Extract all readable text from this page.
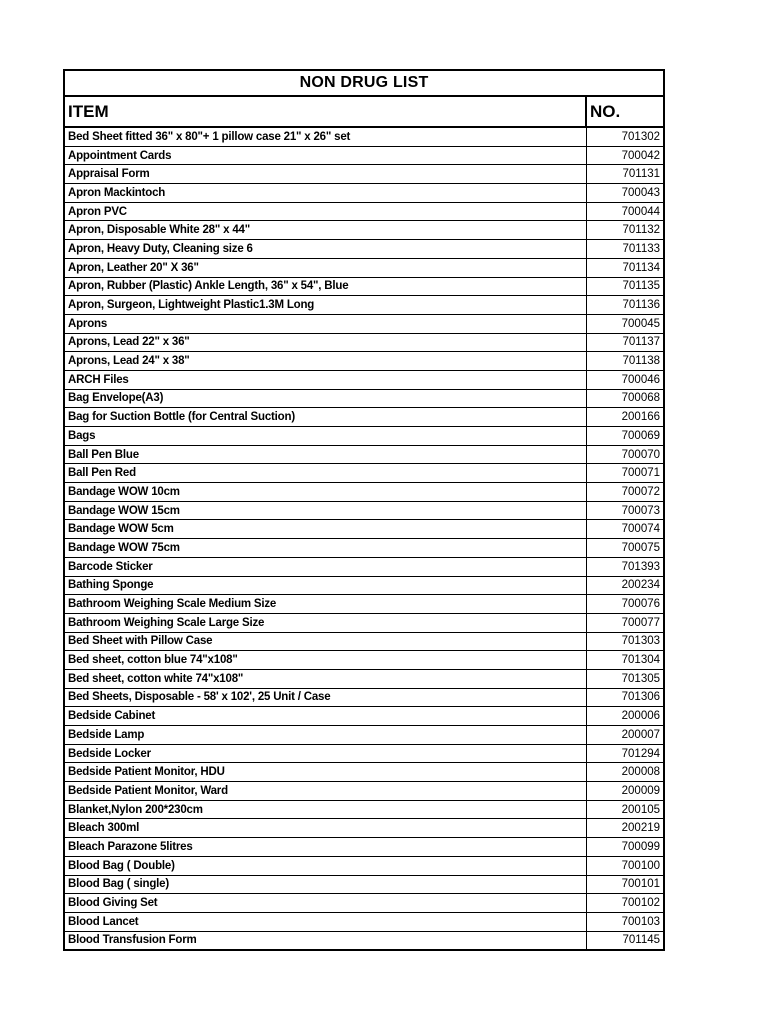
NON DRUG LIST	
ITEM	NO.
Bed Sheet fitted 36" x 80"+ 1 pillow case 21" x 26" set	701302
Appointment Cards	700042
Appraisal Form	701131
Apron Mackintoch	700043
Apron PVC	700044
Apron, Disposable White 28" x 44"	701132
Apron, Heavy Duty, Cleaning size 6	701133
Apron, Leather 20" X 36"	701134
Apron, Rubber (Plastic) Ankle Length, 36" x 54", Blue	701135
Apron, Surgeon, Lightweight Plastic1.3M Long	701136
Aprons	700045
Aprons, Lead 22" x 36"	701137
Aprons, Lead 24" x 38"	701138
ARCH Files	700046
Bag Envelope(A3)	700068
Bag for Suction Bottle (for Central Suction)	200166
Bags	700069
Ball Pen Blue	700070
Ball Pen Red	700071
Bandage WOW 10cm	700072
Bandage WOW 15cm	700073
Bandage WOW 5cm	700074
Bandage WOW 75cm	700075
Barcode Sticker	701393
Bathing Sponge	200234
Bathroom Weighing Scale Medium Size	700076
Bathroom Weighing Scale Large Size	700077
Bed Sheet with Pillow Case	701303
Bed sheet, cotton blue 74"x108"	701304
Bed sheet, cotton white 74"x108"	701305
Bed Sheets, Disposable - 58' x 102', 25 Unit / Case	701306
Bedside Cabinet	200006
Bedside Lamp	200007
Bedside Locker	701294
Bedside Patient Monitor, HDU	200008
Bedside Patient Monitor, Ward	200009
Blanket,Nylon 200*230cm	200105
Bleach 300ml	200219
Bleach Parazone 5litres	700099
Blood Bag ( Double)	700100
Blood Bag ( single)	700101
Blood Giving Set	700102
Blood Lancet	700103
Blood Transfusion Form	701145
